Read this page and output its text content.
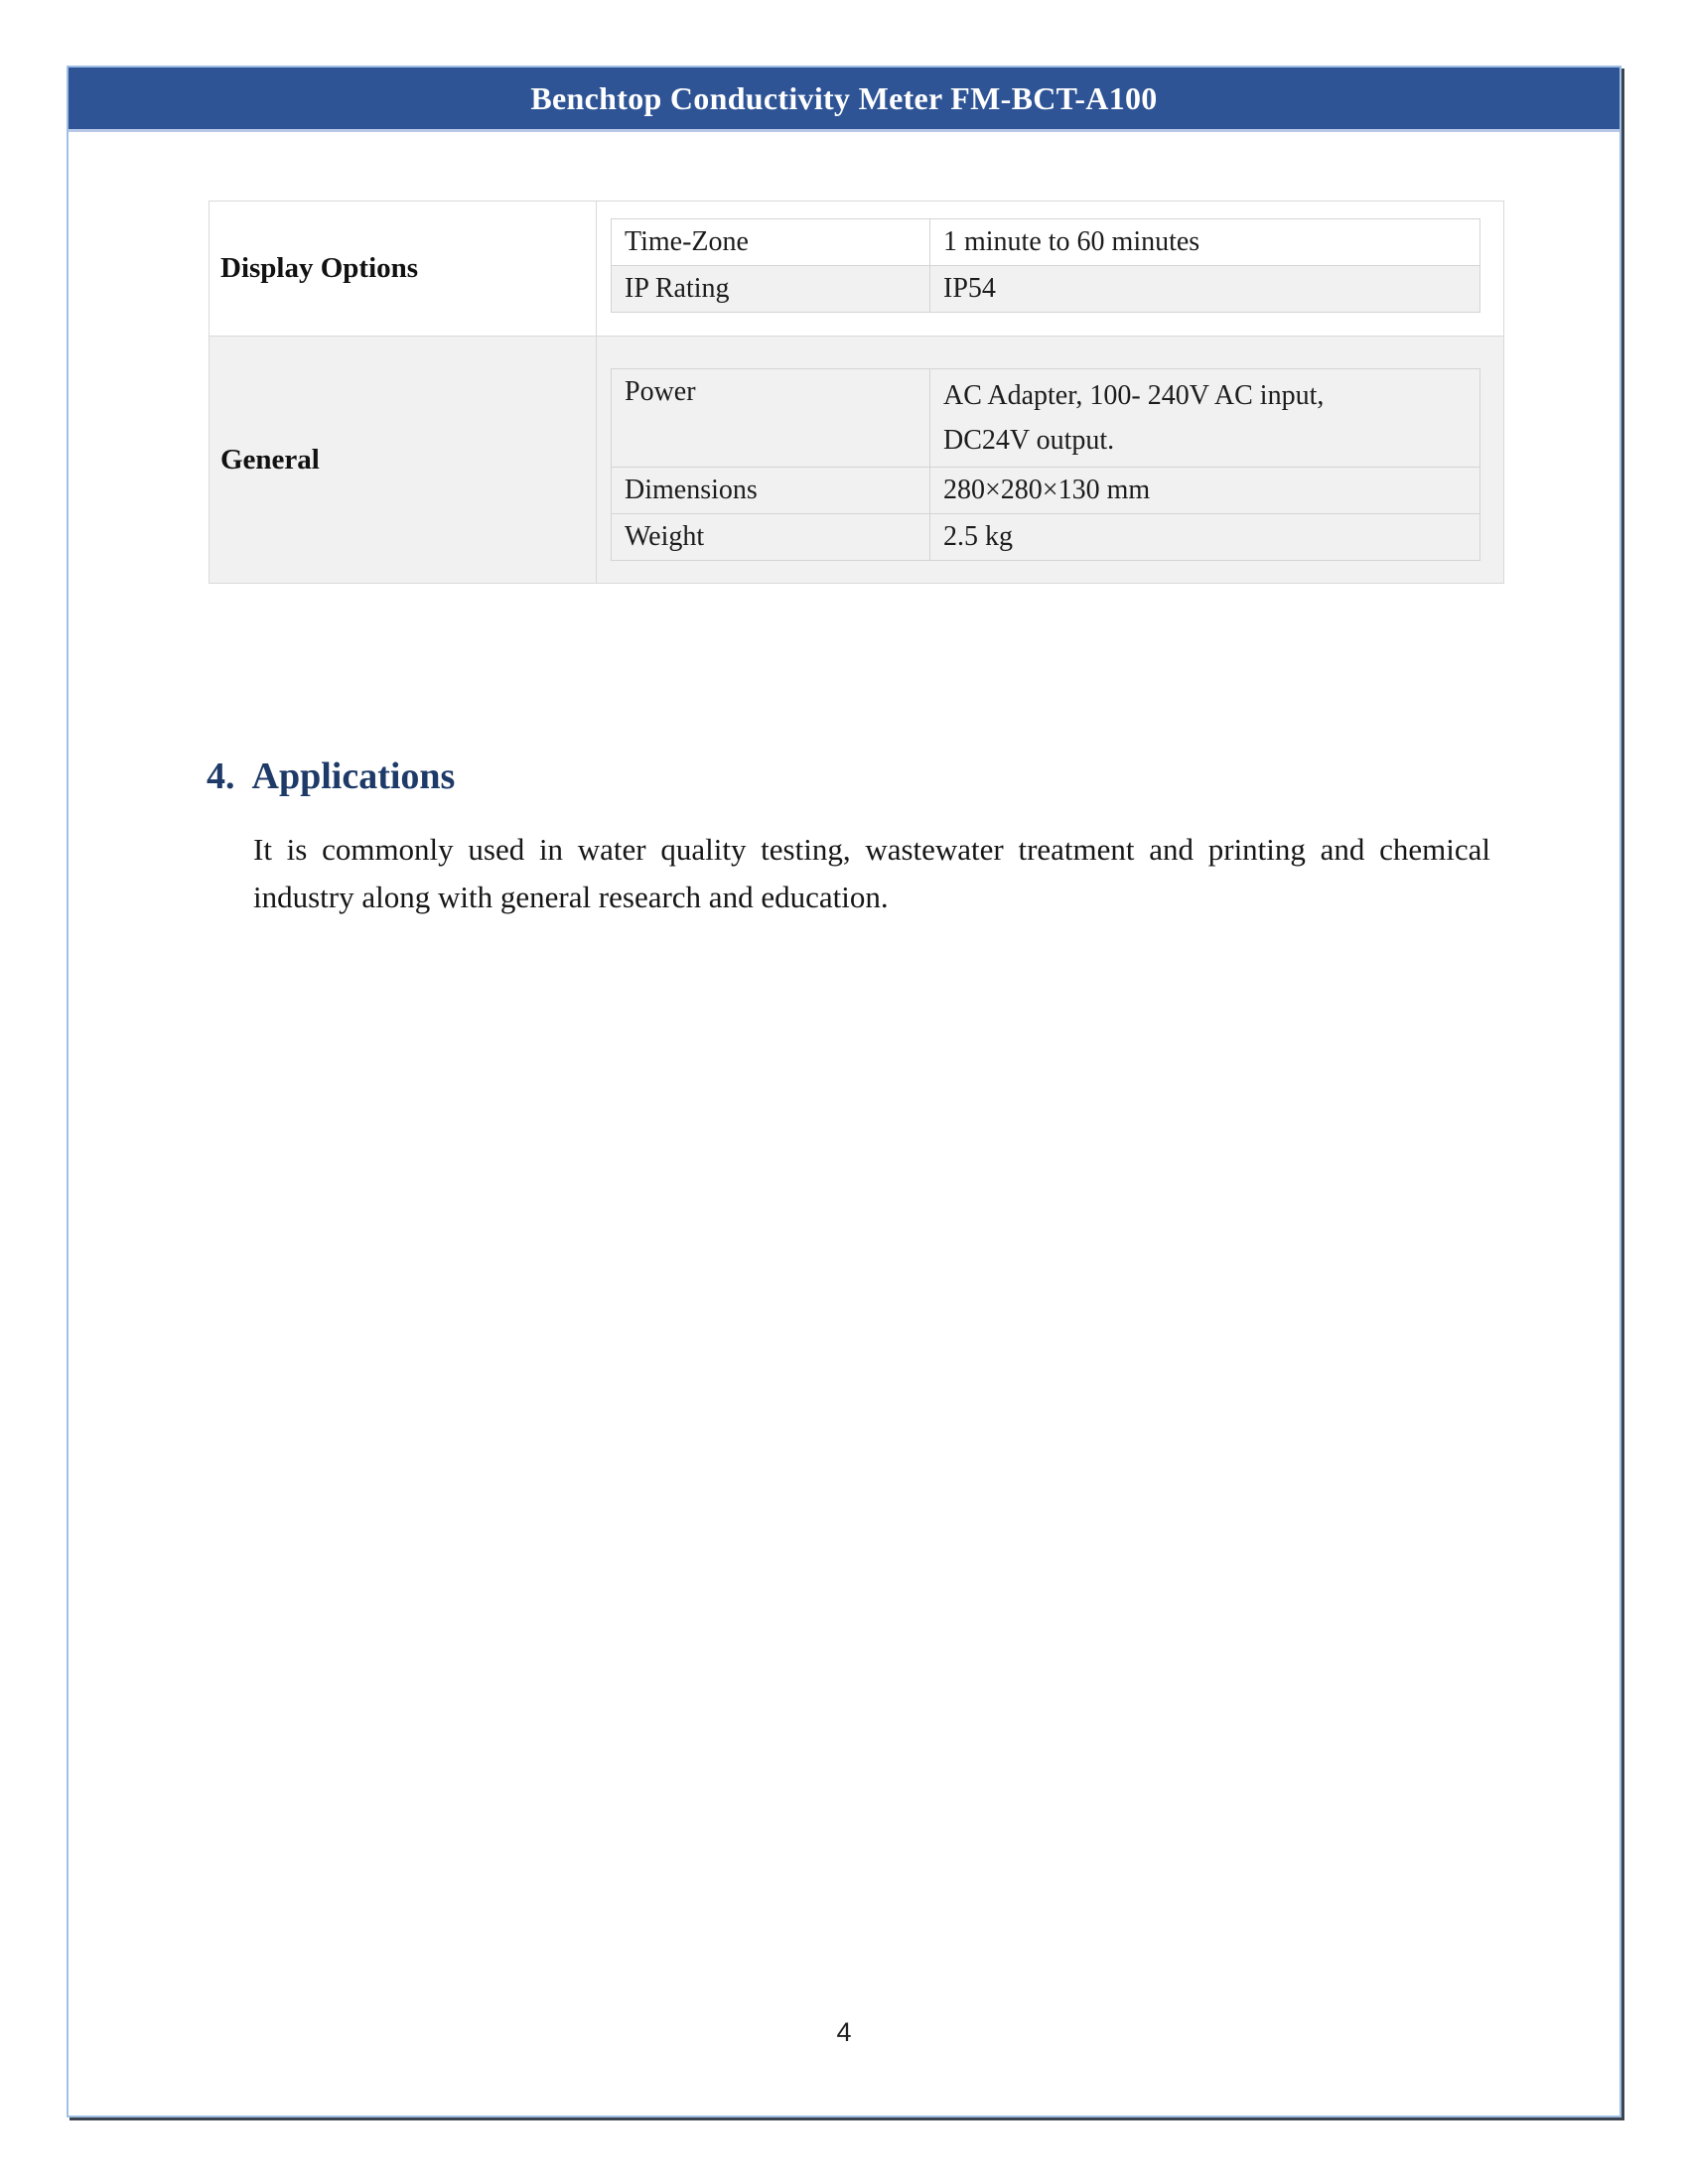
Benchtop Conductivity Meter FM-BCT-A100
Display Options	
Time-Zone	1 minute to 60 minutes
IP Rating	IP54

General	
Power	AC Adapter, 100- 240V AC input,
DC24V output.

Dimensions	280×280×130 mm
Weight	2.5 kg
4. Applications

It is commonly used in water quality testing, wastewater treatment and printing and chemical industry along with general research and education.

4
